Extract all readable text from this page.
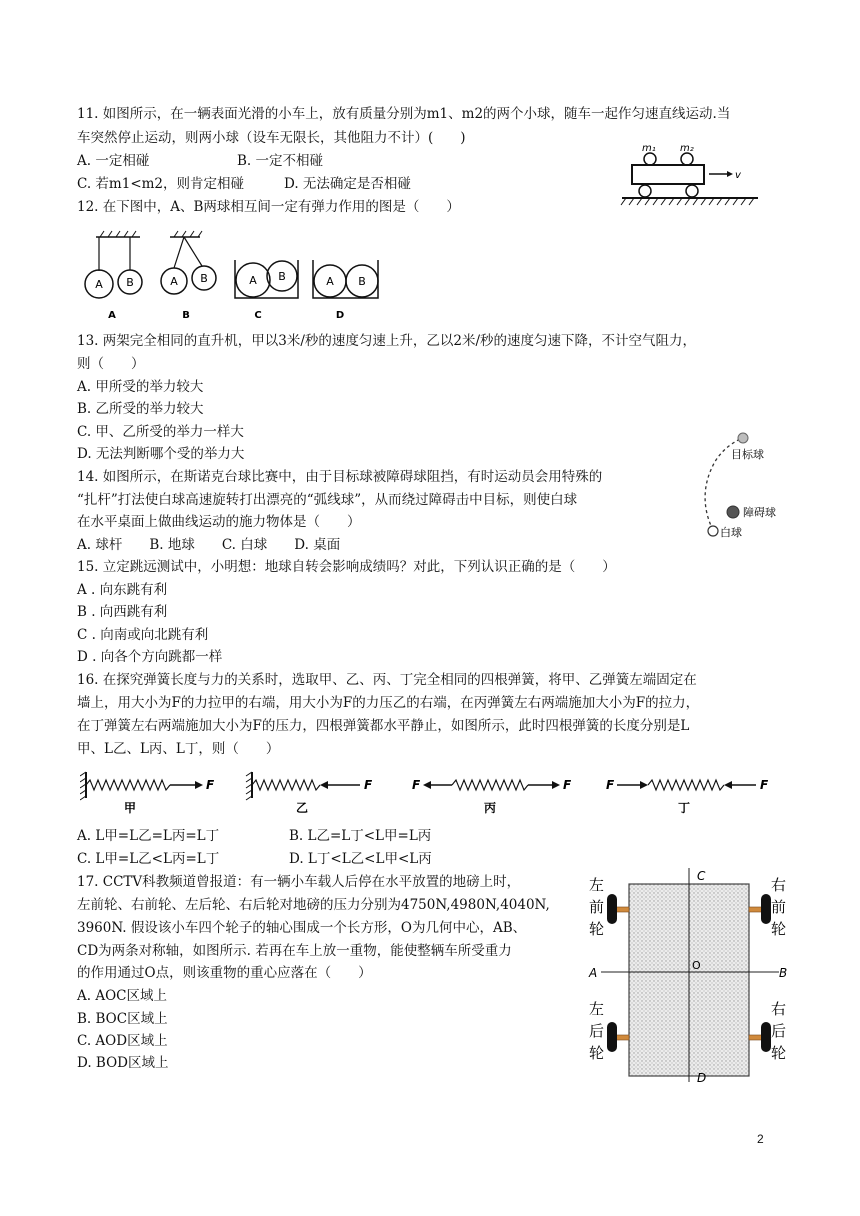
11. 如图所示，在一辆表面光滑的小车上，放有质量分别为m1、m2的两个小球，随车一起作匀速直线运动.当
车突然停止运动，则两小球（设车无限长，其他阻力不计）(　　)
A. 一定相碰	B. 一定不相碰
C. 若m1<m2，则肯定相碰	D. 无法确定是否相碰
m₁ m₂
v
12. 在下图中，A、B两球相互间一定有弹力作用的图是（　　）
A B
A
A B
B
A B
C
A B
D
13. 两架完全相同的直升机，甲以3米/秒的速度匀速上升，乙以2米/秒的速度匀速下降，不计空气阻力，
则（　　）
A. 甲所受的举力较大
B. 乙所受的举力较大
C. 甲、乙所受的举力一样大
D. 无法判断哪个受的举力大
14. 如图所示，在斯诺克台球比赛中，由于目标球被障碍球阻挡，有时运动员会用特殊的
“扎杆”打法使白球高速旋转打出漂亮的“弧线球”，从而绕过障碍击中目标，则使白球
在水平桌面上做曲线运动的施力物体是（　　）
A. 球杆　　B. 地球　　C. 白球　　D. 桌面
目标球
障碍球
白球
15. 立定跳远测试中，小明想：地球自转会影响成绩吗？对此，下列认识正确的是（　　）
A . 向东跳有利
B . 向西跳有利
C . 向南或向北跳有利
D . 向各个方向跳都一样
16. 在探究弹簧长度与力的关系时，选取甲、乙、丙、丁完全相同的四根弹簧，将甲、乙弹簧左端固定在
墙上，用大小为F的力拉甲的右端，用大小为F的力压乙的右端，在丙弹簧左右两端施加大小为F的拉力，
在丁弹簧左右两端施加大小为F的压力，四根弹簧都水平静止，如图所示，此时四根弹簧的长度分别是L
甲、L乙、L丙、L丁，则（　　）
F
甲
F
乙
F	F
丙
F	F
丁
A. L甲=L乙=L丙=L丁	B. L乙=L丁<L甲=L丙
C. L甲=L乙<L丙=L丁	D. L丁<L乙<L甲<L丙
17. CCTV科教频道曾报道：有一辆小车载人后停在水平放置的地磅上时，
左前轮、右前轮、左后轮、右后轮对地磅的压力分别为4750N,4980N,4040N,
3960N. 假设该小车四个轮子的轴心围成一个长方形，O为几何中心，AB、
CD为两条对称轴，如图所示. 若再在车上放一重物，能使整辆车所受重力
的作用通过O点，则该重物的重心应落在（　　）
A. AOC区域上
B. BOC区域上
C. AOD区域上
D. BOD区域上
C
D
A	B
O
左
前
轮
右
前
轮
左
后
轮
右
后
轮
2
